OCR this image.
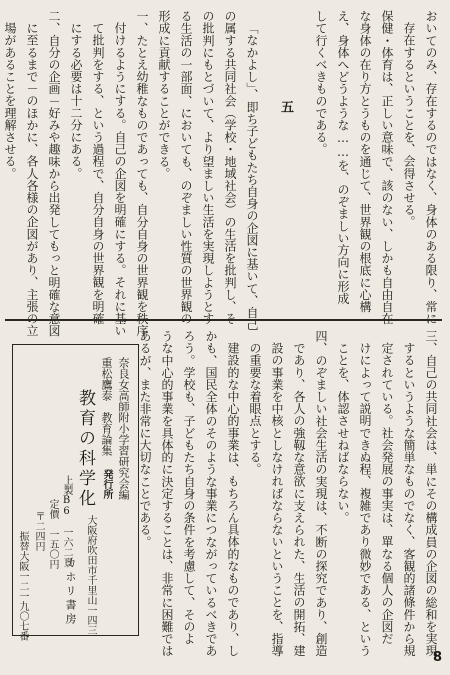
おいてのみ、存在するのではなく、身体のある限り、常に
存在するということを、会得させる。
保健・体育は、正しい意味で、該のない、しかも自由自在
な身体の在り方とうものを通じて、世界観の根底に心構
え、身体へどうような……を、のぞましい方向に形成
して行くべきものである。
五
「なかよし」、即ち子どもたち自身の企図に基いて、自己
の属する共同社会（学校・地域社会）の生活を批判し、そ
の批判にもとづいて、より望ましい生活を実現しようとす
る生活の一部面、においても、のぞましい性質の世界観の
形成に貢献することができる。
一、たとえ幼稚なものであっても、自分自身の世界観を秩序
付けるようにする。自己の企図を明確にする。それに基い
て批判をする、という過程で、自分自身の世界観を明確
にする必要は十二分にある。
二、自分の企画－好みや趣味から出発してもっと明確な意図
に至るまで－のほかに、各人各様の企図があり、主張の立
場があることを理解させる。
三、自己の共同社会は、単にその構成員の企図の総和を実現
するというような簡単なものでなく、客観的諸條件から規
定されている。社会発展の事実は、單なる個人の企図だ
けによって説明できぬ程、複雑であり微妙である、という
ことを、体認させねばならない。
四、のぞましい社会生活の実現は、不断の探究であり、創造
であり、各人の強靱な意欲に支えられた、生活の開拓、建
設の事業を中核としなければならないということを、指導
の重要な着眼点とする。
建設的な中心的事業は、もちろん具体的なものであり、し
かも、国民全体のそのような事業につながっているべきであ
ろう。学校も、子どもたち自身の条件を考慮して、そのよ
うな中心的事業を具体的に決定することは、非常に困難では
あるが、また非常に大切なことである。
奈良女高師附小学習研究会編
重松鷹泰　教育論集
教育の科学化
上製B6　一六二頁
定價　一五〇円
〒二四円
発行所
大阪府吹田市千里山一四三
カホリ書房
振替大阪一二一九〇七番
8
